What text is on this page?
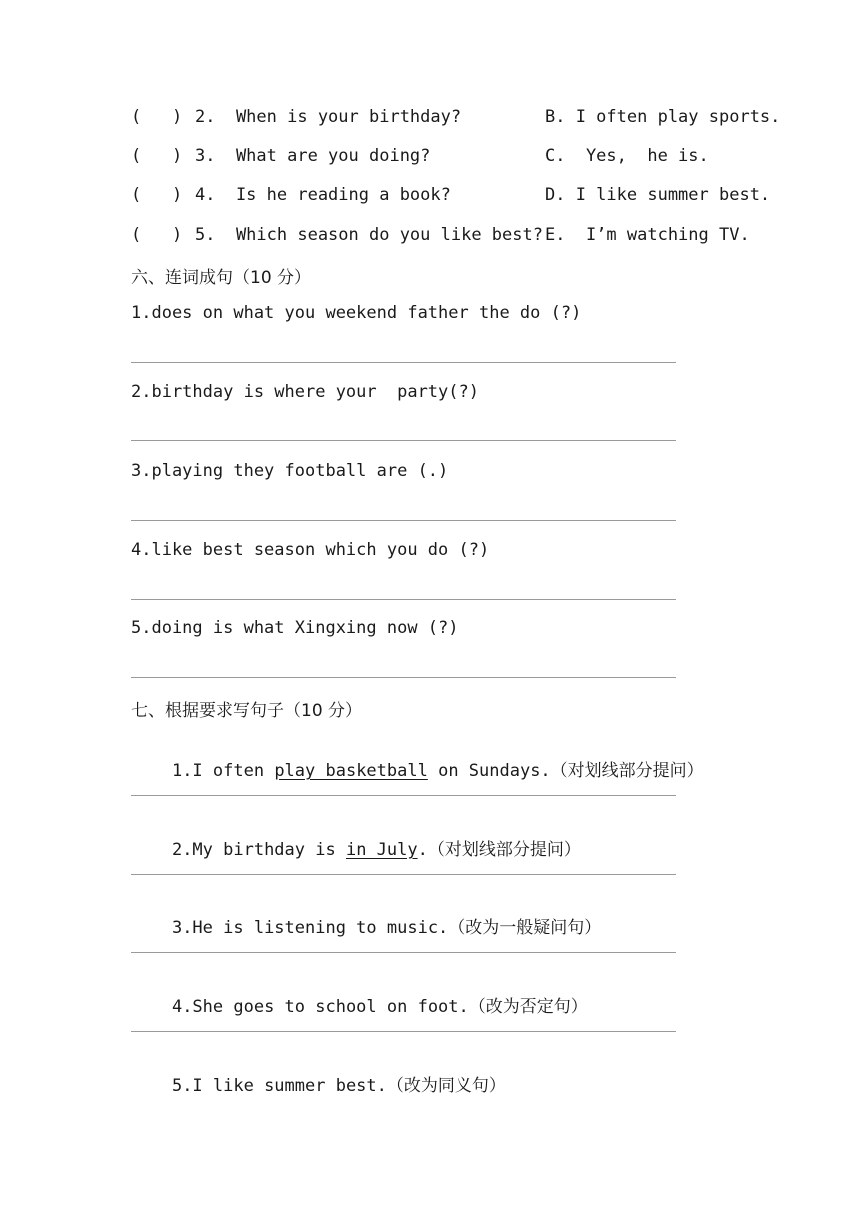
(   ) 2.  When is your birthday?	B. I often play sports.
(   ) 3.  What are you doing?	C.  Yes,  he is.
(   ) 4.  Is he reading a book?	D. I like summer best.
(   ) 5.  Which season do you like best? E.  I’m watching TV.
六、连词成句（10 分）
1.does on what you weekend father the do (?)
2.birthday is where your  party(?)
3.playing they football are (.)
4.like best season which you do (?)
5.doing is what Xingxing now (?)
七、根据要求写句子（10 分）

1.I often play basketball on Sundays.（对划线部分提问）

2.My birthday is in July.（对划线部分提问）

3.He is listening to music.（改为一般疑问句）

4.She goes to school on foot.（改为否定句）

5.I like summer best.（改为同义句）
